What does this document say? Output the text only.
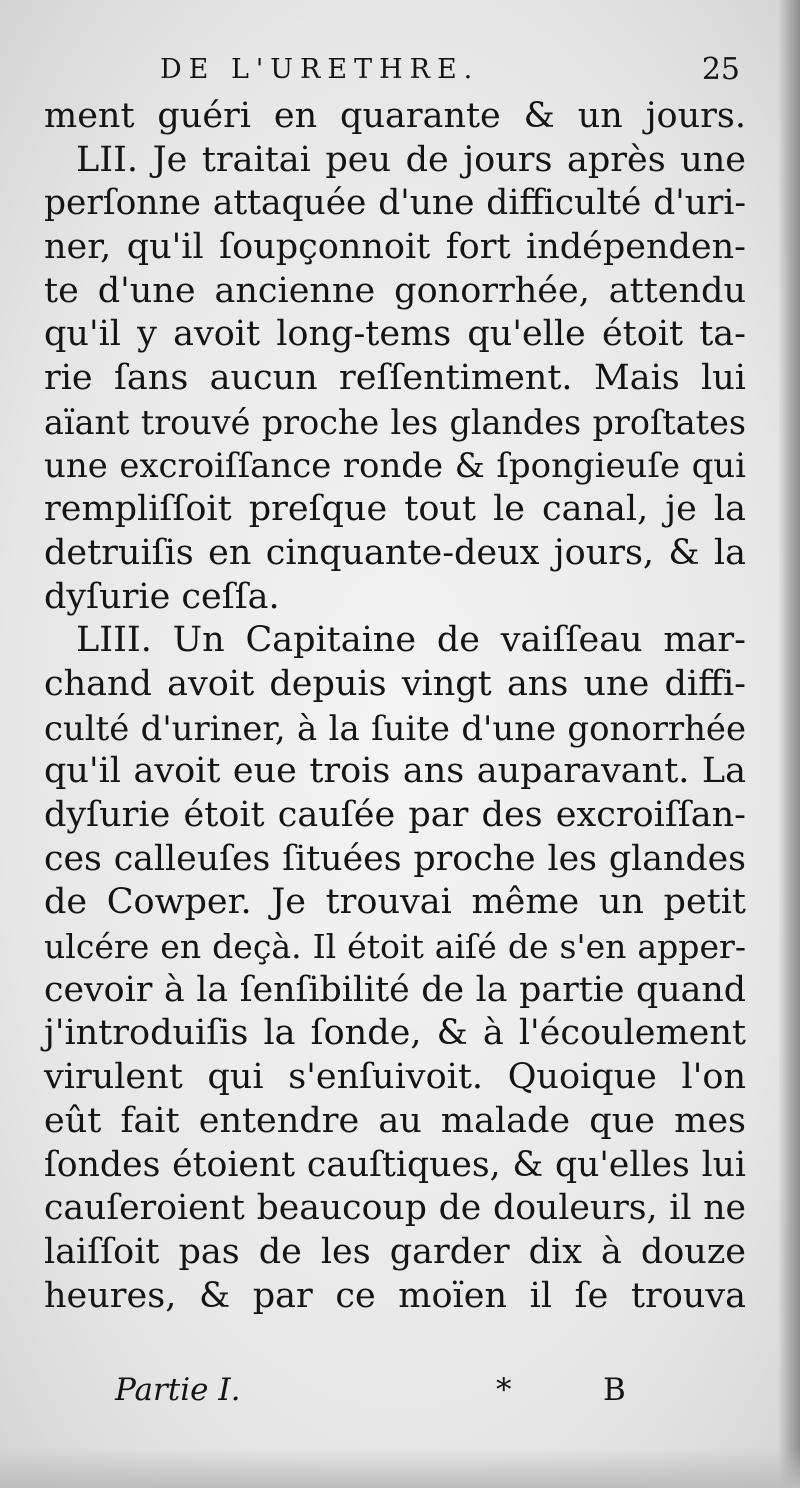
DE L'URETHRE.	25
ment guéri en quarante & un jours.
LII. Je traitai peu de jours après une
perſonne attaquée d'une difficulté d'uri-
ner, qu'il ſoupçonnoit fort indépenden-
te d'une ancienne gonorrhée, attendu
qu'il y avoit long-tems qu'elle étoit ta-
rie ſans aucun reſſentiment. Mais lui
aïant trouvé proche les glandes proſtates
une excroiſſance ronde & ſpongieuſe qui
rempliſſoit preſque tout le canal, je la
detruiſis en cinquante-deux jours, & la
dyſurie ceſſa.
LIII. Un Capitaine de vaiſſeau mar-
chand avoit depuis vingt ans une diffi-
culté d'uriner, à la ſuite d'une gonorrhée
qu'il avoit eue trois ans auparavant. La
dyſurie étoit cauſée par des excroiſſan-
ces calleuſes ſituées proche les glandes
de Cowper. Je trouvai même un petit
ulcére en deçà. Il étoit aiſé de s'en apper-
cevoir à la ſenſibilité de la partie quand
j'introduiſis la ſonde, & à l'écoulement
virulent qui s'enſuivoit. Quoique l'on
eût fait entendre au malade que mes
ſondes étoient cauſtiques, & qu'elles lui
cauſeroient beaucoup de douleurs, il ne
laiſſoit pas de les garder dix à douze
heures, & par ce moïen il ſe trouva
Partie I.	*	B
